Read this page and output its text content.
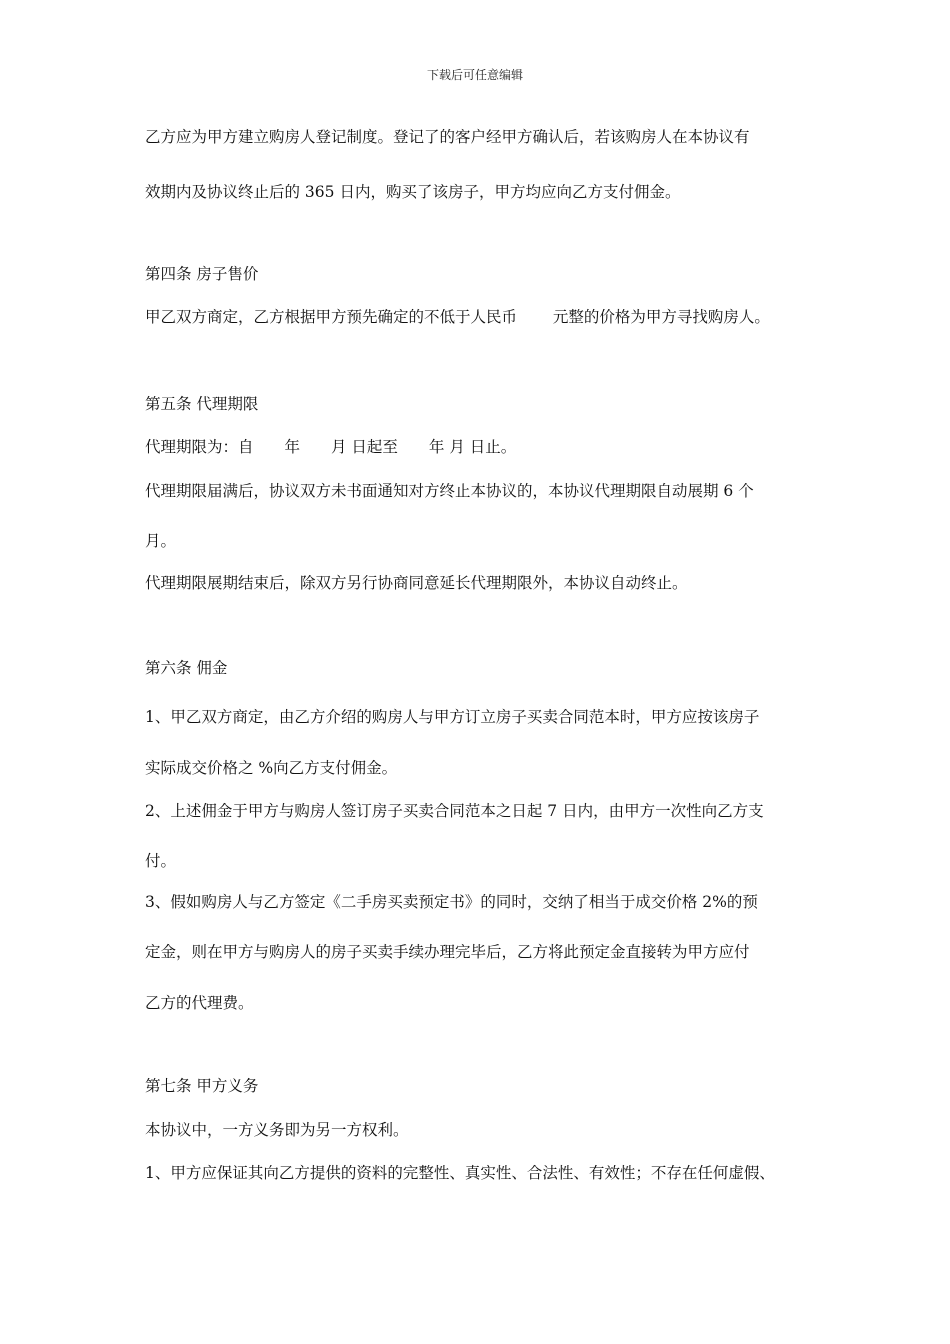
下载后可任意编辑
乙方应为甲方建立购房人登记制度。登记了的客户经甲方确认后，若该购房人在本协议有
效期内及协议终止后的 365 日内，购买了该房子，甲方均应向乙方支付佣金。
第四条 房子售价
甲乙双方商定，乙方根据甲方预先确定的不低于人民币　　 元整的价格为甲方寻找购房人。
第五条 代理期限
代理期限为：自　　年　　月 日起至　　年 月 日止。
代理期限届满后，协议双方未书面通知对方终止本协议的，本协议代理期限自动展期 6 个
月。
代理期限展期结束后，除双方另行协商同意延长代理期限外，本协议自动终止。
第六条 佣金
1、甲乙双方商定，由乙方介绍的购房人与甲方订立房子买卖合同范本时，甲方应按该房子
实际成交价格之 %向乙方支付佣金。
2、上述佣金于甲方与购房人签订房子买卖合同范本之日起 7 日内，由甲方一次性向乙方支
付。
3、假如购房人与乙方签定《二手房买卖预定书》的同时，交纳了相当于成交价格 2%的预
定金，则在甲方与购房人的房子买卖手续办理完毕后，乙方将此预定金直接转为甲方应付
乙方的代理费。
第七条 甲方义务
本协议中，一方义务即为另一方权利。
1、甲方应保证其向乙方提供的资料的完整性、真实性、合法性、有效性；不存在任何虚假、
